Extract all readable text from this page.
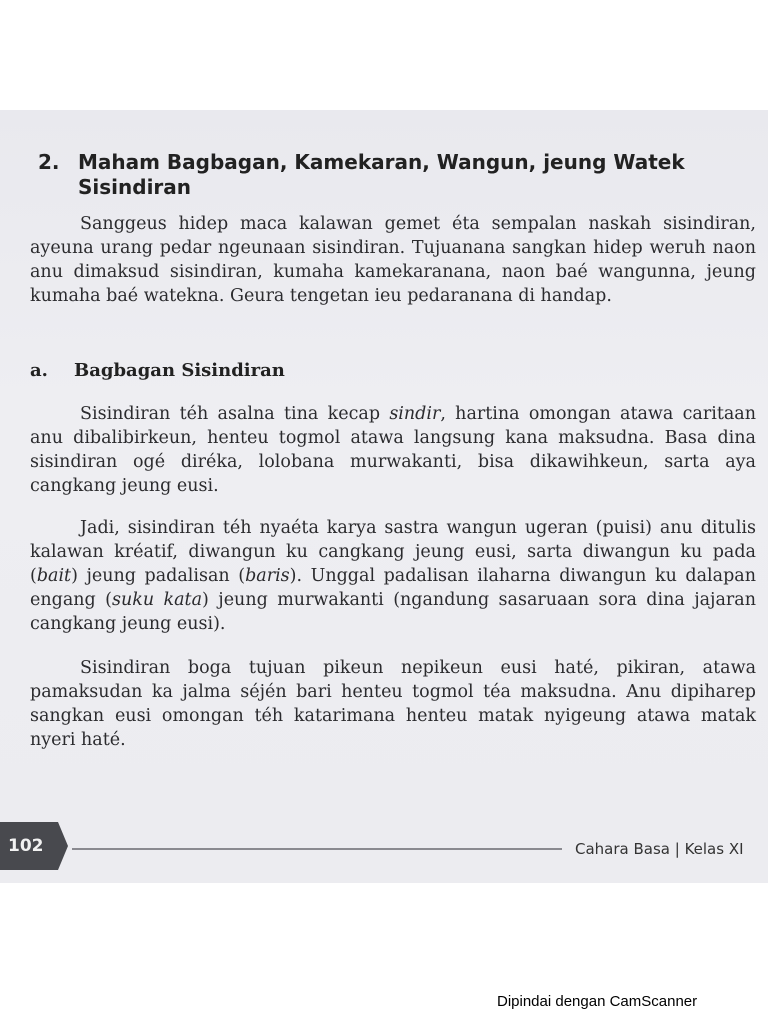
2. Maham Bagbagan, Kamekaran, Wangun, jeung Watek
Sisindiran

Sanggeus hidep maca kalawan gemet éta sempalan naskah sisindiran, ayeuna urang pedar ngeunaan sisindiran. Tujuanana sangkan hidep weruh naon anu dimaksud sisindiran, kumaha kamekaranana, naon baé wangunna, jeung kumaha baé watekna. Geura tengetan ieu pedaranana di handap.

a. Bagbagan Sisindiran

Sisindiran téh asalna tina kecap sindir, hartina omongan atawa caritaan anu dibalibirkeun, henteu togmol atawa langsung kana maksudna. Basa dina sisindiran ogé diréka, lolobana murwakanti, bisa dikawihkeun, sarta aya cangkang jeung eusi.

Jadi, sisindiran téh nyaéta karya sastra wangun ugeran (puisi) anu ditulis kalawan kréatif, diwangun ku cangkang jeung eusi, sarta diwangun ku pada (bait) jeung padalisan (baris). Unggal padalisan ilaharna diwangun ku dalapan engang (suku kata) jeung murwakanti (ngandung sasaruaan sora dina jajaran cangkang jeung eusi).

Sisindiran boga tujuan pikeun nepikeun eusi haté, pikiran, atawa pamaksudan ka jalma séjén bari henteu togmol téa maksudna. Anu dipiharep sangkan eusi omongan téh katarimana henteu matak nyigeung atawa matak nyeri haté.

102	Cahara Basa | Kelas XI
Dipindai dengan CamScanner
